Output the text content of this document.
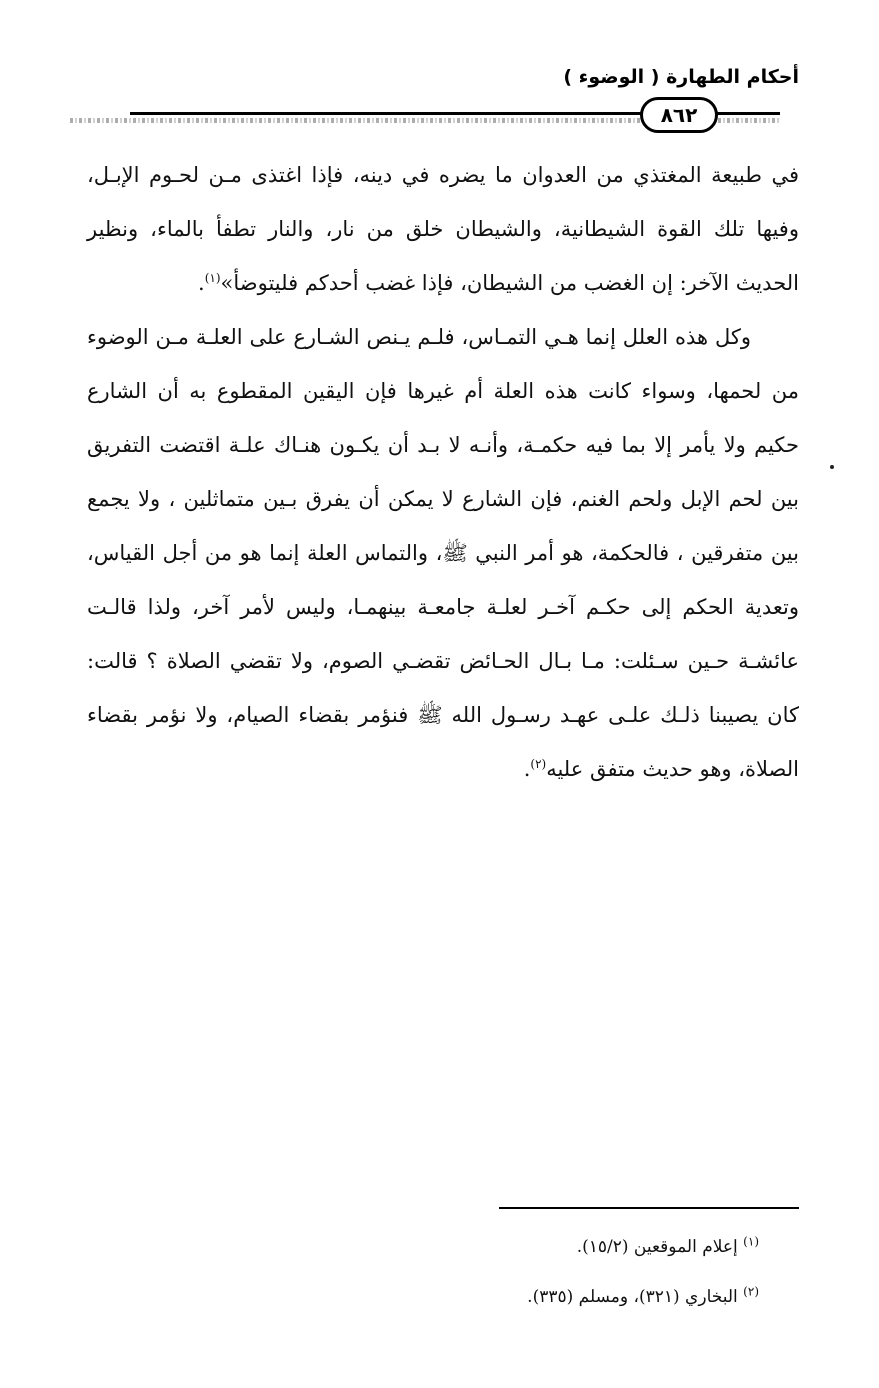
أحكام الطهارة ( الوضوء )
٨٦٢

في طبيعة المغتذي من العدوان ما يضره في دينه، فإذا اغتذى مـن لحـوم الإبـل، وفيها تلك القوة الشيطانية، والشيطان خلق من نار، والنار تطفأ بالماء، ونظير الحديث الآخر: إن الغضب من الشيطان، فإذا غضب أحدكم فليتوضأ»$^{(١)}$.

وكل هذه العلل إنما هـي التمـاس، فلـم يـنص الشـارع على العلـة مـن الوضوء من لحمها، وسواء كانت هذه العلة أم غيرها فإن اليقين المقطوع به أن الشارع حكيم ولا يأمر إلا بما فيه حكمـة، وأنـه لا بـد أن يكـون هنـاك علـة اقتضت التفريق بين لحم الإبل ولحم الغنم، فإن الشارع لا يمكن أن يفرق بـين متماثلين ، ولا يجمع بين متفرقين ، فالحكمة، هو أمر النبي ﷺ، والتماس العلة إنما هو من أجل القياس، وتعدية الحكم إلى حكـم آخـر لعلـة جامعـة بينهمـا، وليس لأمر آخر، ولذا قالـت عائشـة حـين سـئلت: مـا بـال الحـائض تقضـي الصوم، ولا تقضي الصلاة ؟ قالت: كان يصيبنا ذلـك علـى عهـد رسـول الله ﷺ فنؤمر بقضاء الصيام، ولا نؤمر بقضاء الصلاة، وهو حديث متفق عليه$^{(٢)}$.

$^{(١)}$ إعلام الموقعين (١٥/٢).

$^{(٢)}$ البخاري (٣٢١)، ومسلم (٣٣٥).
